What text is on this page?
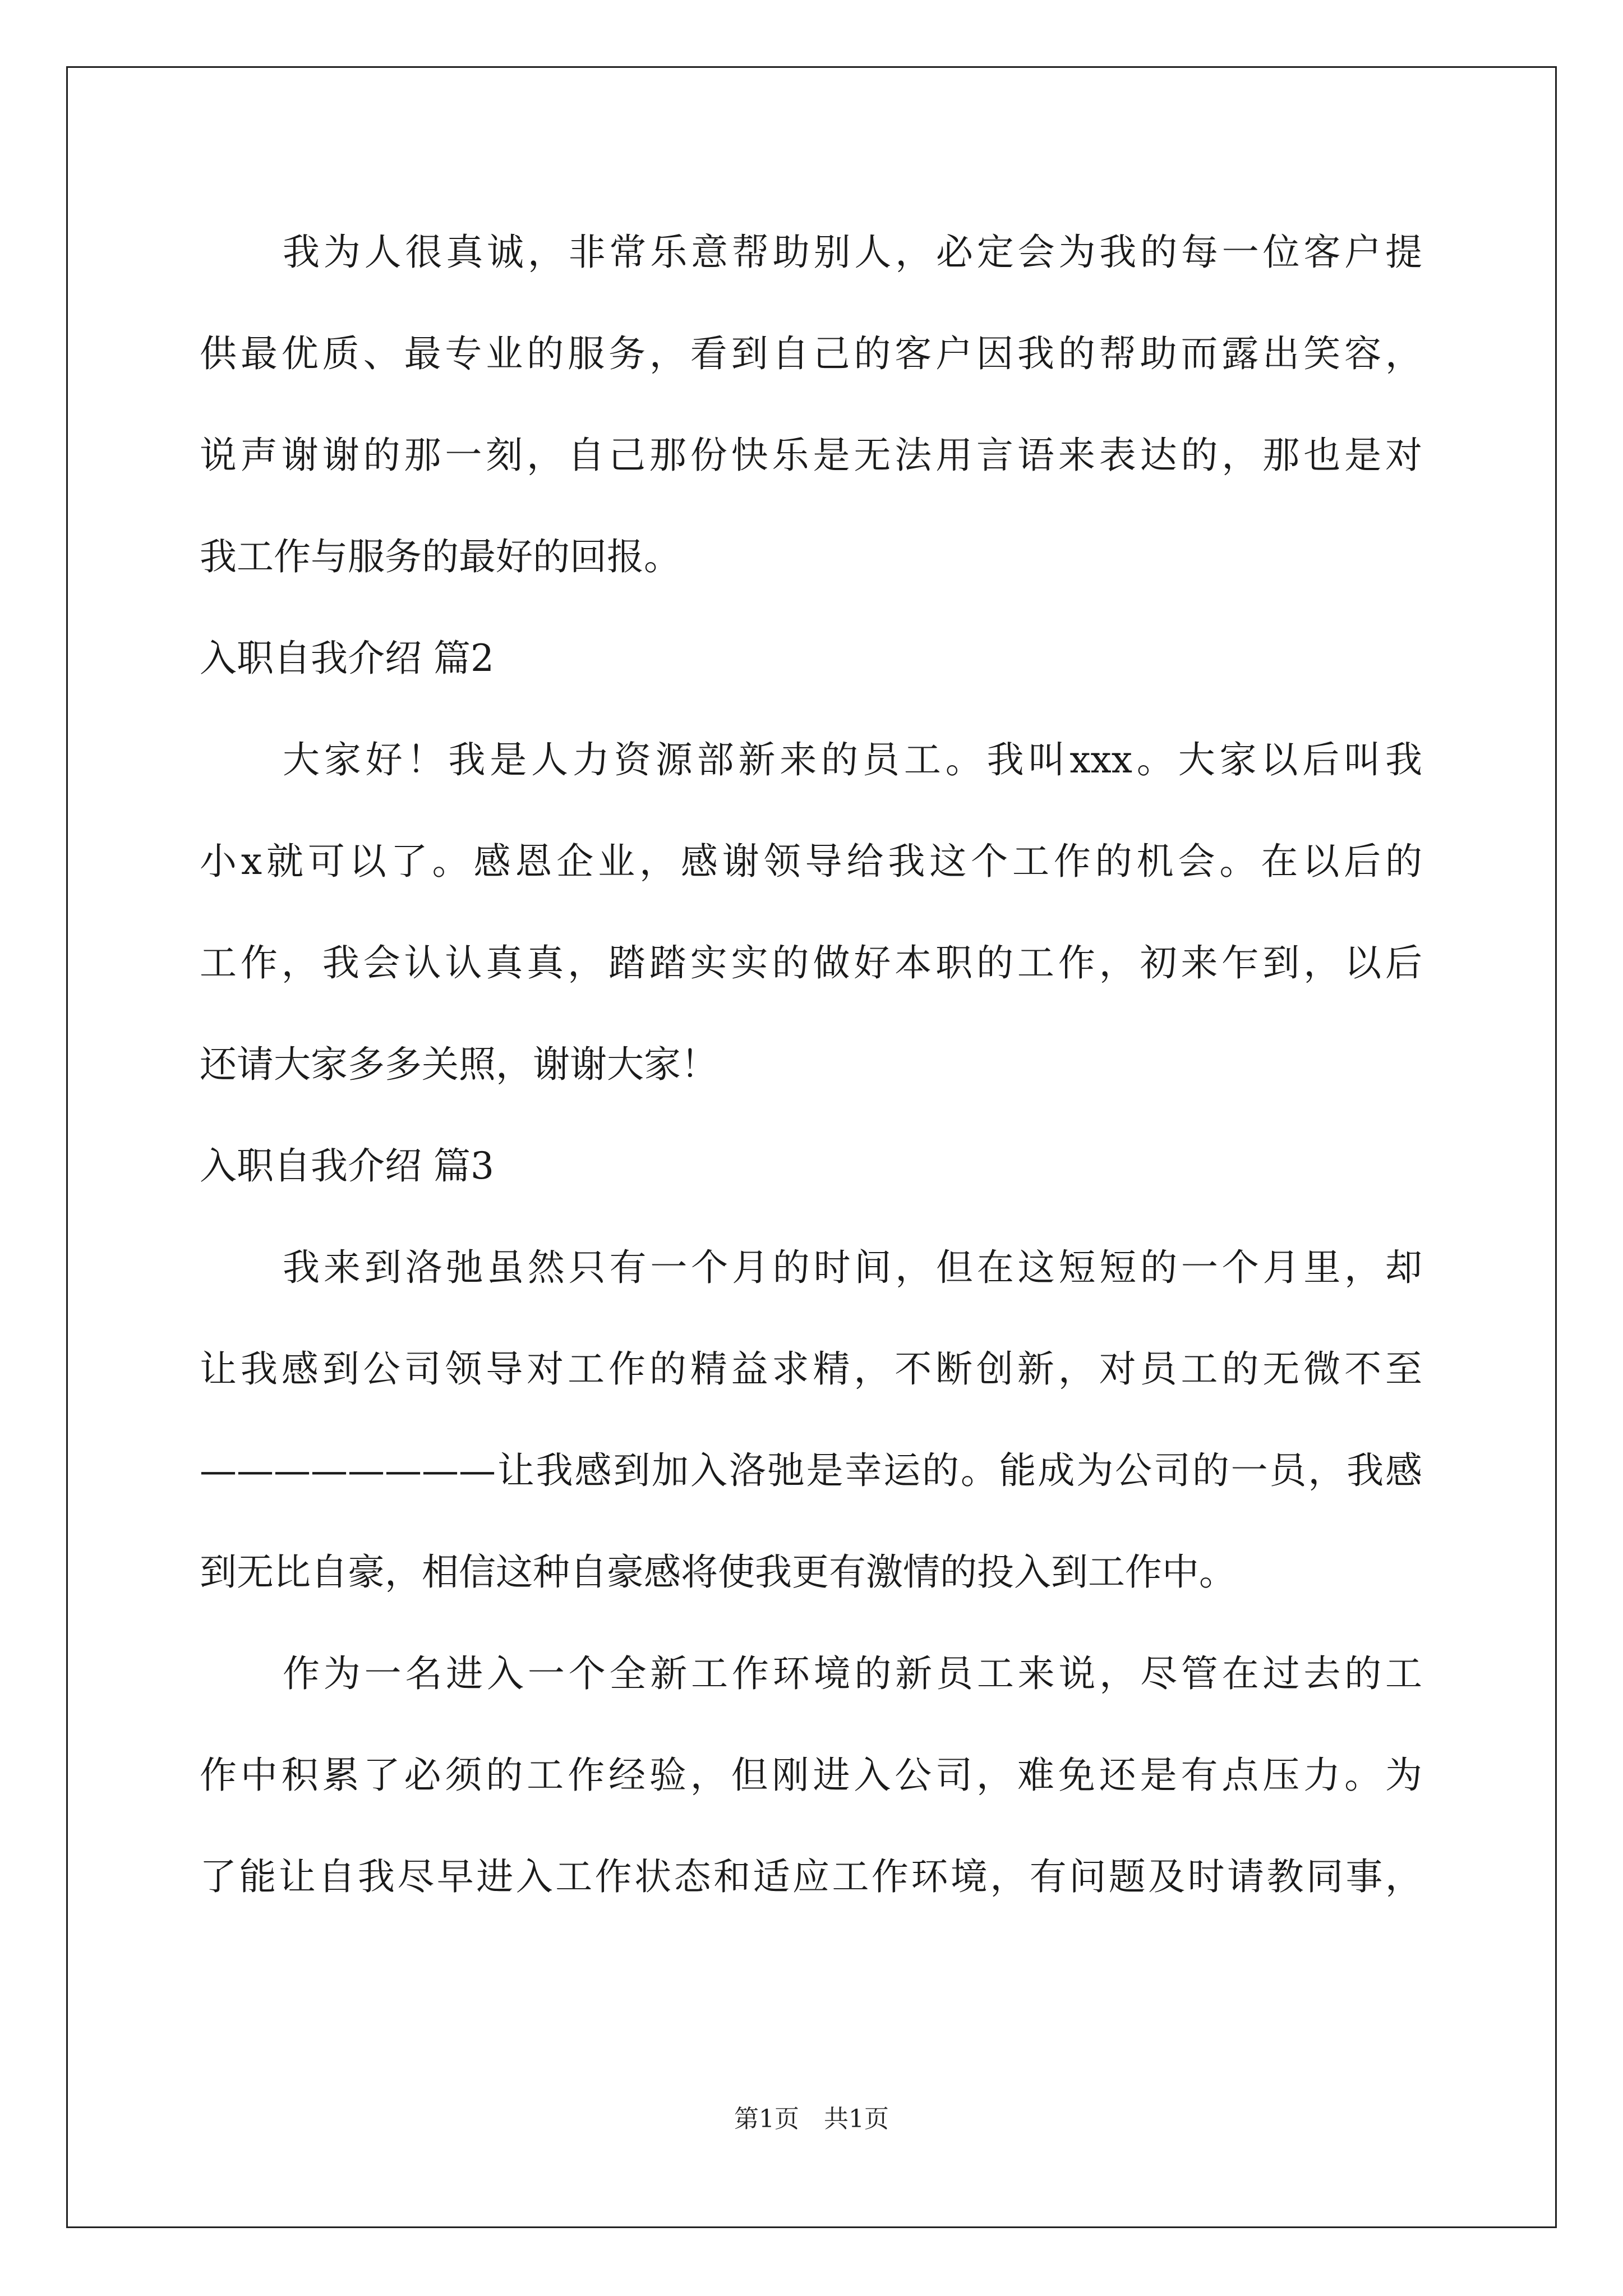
我为人很真诚，非常乐意帮助别人，必定会为我的每一位客户提
供最优质、最专业的服务，看到自己的客户因我的帮助而露出笑容，
说声谢谢的那一刻，自己那份快乐是无法用言语来表达的，那也是对
我工作与服务的最好的回报。
入职自我介绍 篇2
大家好！我是人力资源部新来的员工。我叫xxx。大家以后叫我
小x就可以了。感恩企业，感谢领导给我这个工作的机会。在以后的
工作，我会认认真真，踏踏实实的做好本职的工作，初来乍到，以后
还请大家多多关照，谢谢大家！
入职自我介绍 篇3
我来到洛弛虽然只有一个月的时间，但在这短短的一个月里，却
让我感到公司领导对工作的精益求精，不断创新，对员工的无微不至
————————让我感到加入洛弛是幸运的。能成为公司的一员，我感
到无比自豪，相信这种自豪感将使我更有激情的投入到工作中。
作为一名进入一个全新工作环境的新员工来说，尽管在过去的工
作中积累了必须的工作经验，但刚进入公司，难免还是有点压力。为
了能让自我尽早进入工作状态和适应工作环境，有问题及时请教同事，
第1页 共1页
